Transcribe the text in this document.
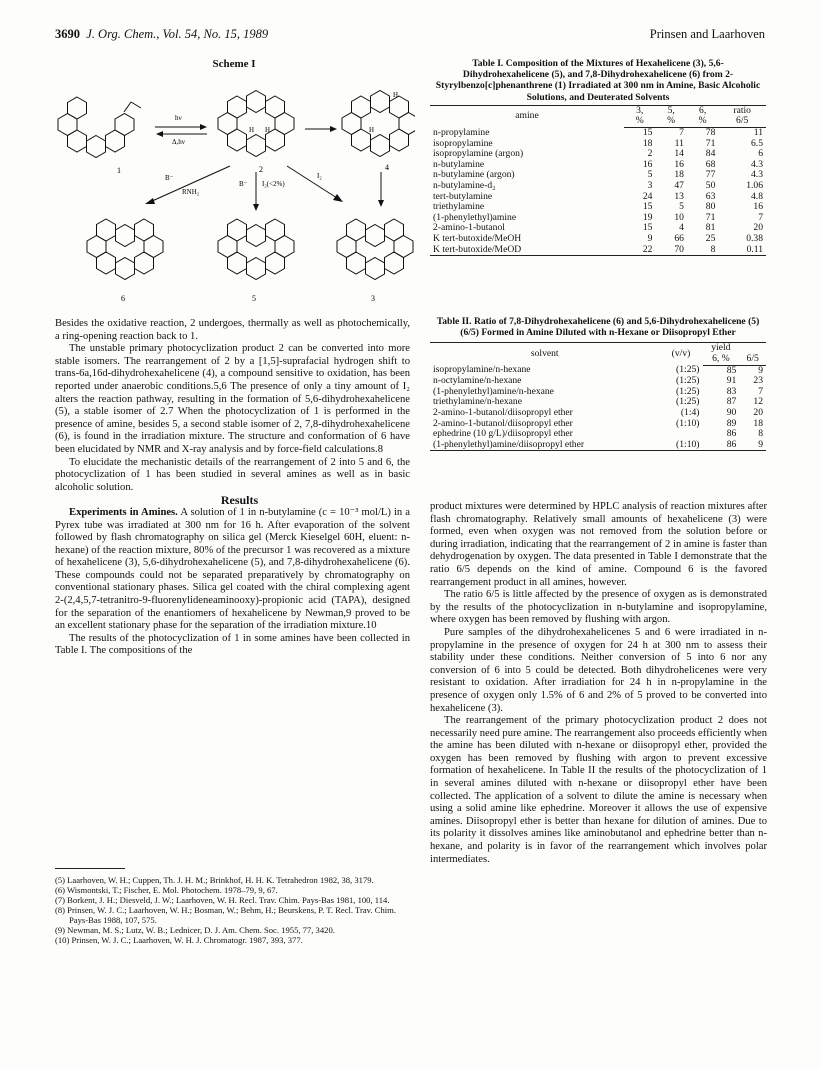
3690 J. Org. Chem., Vol. 54, No. 15, 1989	Prinsen and Laarhoven
Scheme I
1
hν
Δ,hν
H H
2
H
H
4
B⁻
RNH₂
B⁻ I₂(<2%)
I₂
6	5	3

Besides the oxidative reaction, 2 undergoes, thermally as well as photochemically, a ring-opening reaction back to 1.

The unstable primary photocyclization product 2 can be converted into more stable isomers. The rearrangement of 2 by a [1,5]-suprafacial hydrogen shift to trans-6a,16d-dihydrohexahelicene (4), a compound sensitive to oxidation, has been reported under anaerobic conditions.5,6 The presence of only a tiny amount of I₂ alters the reaction pathway, resulting in the formation of 5,6-dihydrohexahelicene (5), a stable isomer of 2.7 When the photocyclization of 1 is performed in the presence of amine, besides 5, a second stable isomer of 2, 7,8-dihydrohexahelicene (6), is found in the irradiation mixture. The structure and conformation of 6 have been elucidated by NMR and X-ray analysis and by force-field calculations.8

To elucidate the mechanistic details of the rearrangement of 2 into 5 and 6, the photocyclization of 1 has been studied in several amines as well as in basic alcoholic solution.

Results

Experiments in Amines. A solution of 1 in n-butylamine (c = 10⁻³ mol/L) in a Pyrex tube was irradiated at 300 nm for 16 h. After evaporation of the solvent followed by flash chromatography on silica gel (Merck Kieselgel 60H, eluent: n-hexane) of the reaction mixture, 80% of the precursor 1 was recovered as a mixture of hexahelicene (3), 5,6-dihydrohexahelicene (5), and 7,8-dihydrohexahelicene (6). These compounds could not be separated preparatively by chromatography on conventional stationary phases. Silica gel coated with the chiral complexing agent 2-(2,4,5,7-tetranitro-9-fluorenylideneaminooxy)-propionic acid (TAPA), designed for the separation of the enantiomers of hexahelicene by Newman,9 proved to be an excellent stationary phase for the separation of the irradiation mixture.10

The results of the photocyclization of 1 in some amines have been collected in Table I. The compositions of the

(5) Laarhoven, W. H.; Cuppen, Th. J. H. M.; Brinkhof, H. H. K. Tetrahedron 1982, 38, 3179.

(6) Wismontski, T.; Fischer, E. Mol. Photochem. 1978–79, 9, 67.

(7) Borkent, J. H.; Diesveld, J. W.; Laarhoven, W. H. Recl. Trav. Chim. Pays-Bas 1981, 100, 114.

(8) Prinsen, W. J. C.; Laarhoven, W. H.; Bosman, W.; Behm, H.; Beurskens, P. T. Recl. Trav. Chim. Pays-Bas 1988, 107, 575.

(9) Newman, M. S.; Lutz, W. B.; Lednicer, D. J. Am. Chem. Soc. 1955, 77, 3420.

(10) Prinsen, W. J. C.; Laarhoven, W. H. J. Chromatogr. 1987, 393, 377.

Table I. Composition of the Mixtures of Hexahelicene (3), 5,6-Dihydrohexahelicene (5), and 7,8-Dihydrohexahelicene (6) from 2-Styrylbenzo[c]phenanthrene (1) Irradiated at 300 nm in Amine, Basic Alcoholic Solutions, and Deuterated Solvents
amine	3,	5,	6,	ratio
	%	%	%	6/5
n-propylamine	15	7	78	11
isopropylamine	18	11	71	6.5
isopropylamine (argon)	2	14	84	6
n-butylamine	16	16	68	4.3
n-butylamine (argon)	5	18	77	4.3
n-butylamine-d₂	3	47	50	1.06
tert-butylamine	24	13	63	4.8
triethylamine	15	5	80	16
(1-phenylethyl)amine	19	10	71	7
2-amino-1-butanol	15	4	81	20
K tert-butoxide/MeOH	9	66	25	0.38
K tert-butoxide/MeOD	22	70	8	0.11
Table II. Ratio of 7,8-Dihydrohexahelicene (6) and 5,6-Dihydrohexahelicene (5) (6/5) Formed in Amine Diluted with n-Hexane or Diisopropyl Ether
solvent	(v/v)	yield	
		6, %	6/5
isopropylamine/n-hexane	(1:25)	85	9
n-octylamine/n-hexane	(1:25)	91	23
(1-phenylethyl)amine/n-hexane	(1:25)	83	7
triethylamine/n-hexane	(1:25)	87	12
2-amino-1-butanol/diisopropyl ether	(1:4)	90	20
2-amino-1-butanol/diisopropyl ether	(1:10)	89	18
ephedrine (10 g/L)/diisopropyl ether		86	8
(1-phenylethyl)amine/diisopropyl ether	(1:10)	86	9

product mixtures were determined by HPLC analysis of reaction mixtures after flash chromatography. Relatively small amounts of hexahelicene (3) were formed, even when oxygen was not removed from the solution before or during irradiation, indicating that the rearrangement of 2 in amine is faster than dehydrogenation by oxygen. The data presented in Table I demonstrate that the ratio 6/5 depends on the kind of amine. Compound 6 is the favored rearrangement product in all amines, however.

The ratio 6/5 is little affected by the presence of oxygen as is demonstrated by the results of the photocyclization in n-butylamine and isopropylamine, where oxygen has been removed by flushing with argon.

Pure samples of the dihydrohexahelicenes 5 and 6 were irradiated in n-propylamine in the presence of oxygen for 24 h at 300 nm to assess their stability under these conditions. Neither conversion of 5 into 6 nor any conversion of 6 into 5 could be detected. Both dihydrohelicenes were very resistant to oxidation. After irradiation for 24 h in n-propylamine in the presence of oxygen only 1.5% of 6 and 2% of 5 proved to be converted into hexahelicene (3).

The rearrangement of the primary photocyclization product 2 does not necessarily need pure amine. The rearrangement also proceeds efficiently when the amine has been diluted with n-hexane or diisopropyl ether, provided the oxygen has been removed by flushing with argon to prevent excessive formation of hexahelicene. In Table II the results of the photocyclization of 1 in several amines diluted with n-hexane or diisopropyl ether have been collected. The application of a solvent to dilute the amine is necessary when using a solid amine like ephedrine. Moreover it allows the use of expensive amines. Diisopropyl ether is better than hexane for dilution of amines. Due to its polarity it dissolves amines like aminobutanol and ephedrine better than n-hexane, and polarity is in favor of the rearrangement which involves polar intermediates.
